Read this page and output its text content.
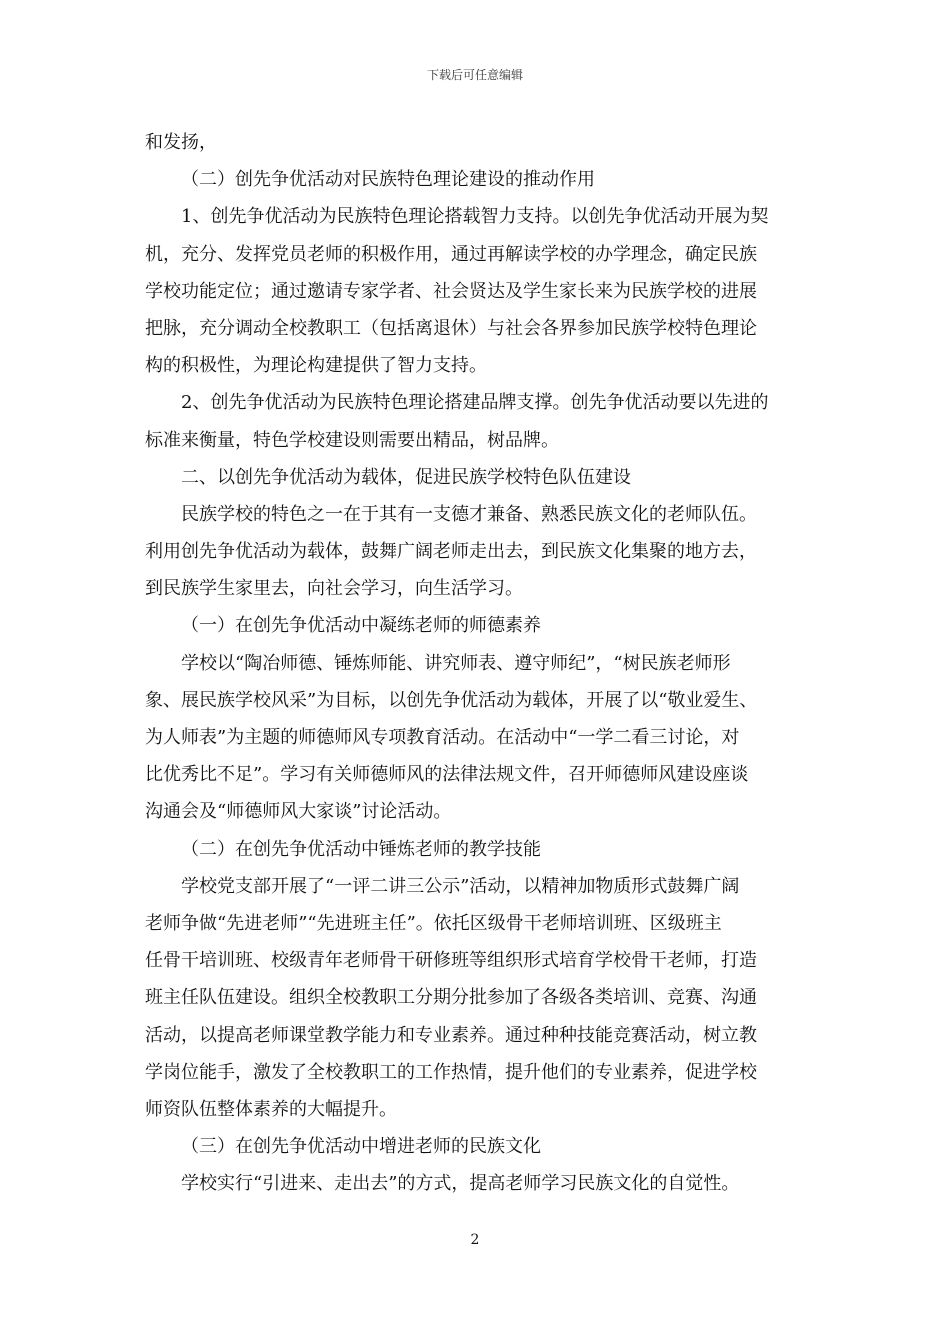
下载后可任意编辑
和发扬，
（二）创先争优活动对民族特色理论建设的推动作用
1、创先争优活动为民族特色理论搭载智力支持。以创先争优活动开展为契
机，充分、发挥党员老师的积极作用，通过再解读学校的办学理念，确定民族
学校功能定位；通过邀请专家学者、社会贤达及学生家长来为民族学校的进展
把脉，充分调动全校教职工（包括离退休）与社会各界参加民族学校特色理论
构的积极性，为理论构建提供了智力支持。
2、创先争优活动为民族特色理论搭建品牌支撑。创先争优活动要以先进的
标准来衡量，特色学校建设则需要出精品，树品牌。
二、以创先争优活动为载体，促进民族学校特色队伍建设
民族学校的特色之一在于其有一支德才兼备、熟悉民族文化的老师队伍。
利用创先争优活动为载体，鼓舞广阔老师走出去，到民族文化集聚的地方去，
到民族学生家里去，向社会学习，向生活学习。
（一）在创先争优活动中凝练老师的师德素养
学校以“陶冶师德、锤炼师能、讲究师表、遵守师纪”，“树民族老师形
象、展民族学校风采”为目标，以创先争优活动为载体，开展了以“敬业爱生、
为人师表”为主题的师德师风专项教育活动。在活动中“一学二看三讨论，对
比优秀比不足”。学习有关师德师风的法律法规文件，召开师德师风建设座谈
沟通会及“师德师风大家谈”讨论活动。
（二）在创先争优活动中锤炼老师的教学技能
学校党支部开展了“一评二讲三公示”活动，以精神加物质形式鼓舞广阔
老师争做“先进老师”“先进班主任”。依托区级骨干老师培训班、区级班主
任骨干培训班、校级青年老师骨干研修班等组织形式培育学校骨干老师，打造
班主任队伍建设。组织全校教职工分期分批参加了各级各类培训、竞赛、沟通
活动，以提高老师课堂教学能力和专业素养。通过种种技能竞赛活动，树立教
学岗位能手，激发了全校教职工的工作热情，提升他们的专业素养，促进学校
师资队伍整体素养的大幅提升。
（三）在创先争优活动中增进老师的民族文化
学校实行“引进来、走出去”的方式，提高老师学习民族文化的自觉性。
2
